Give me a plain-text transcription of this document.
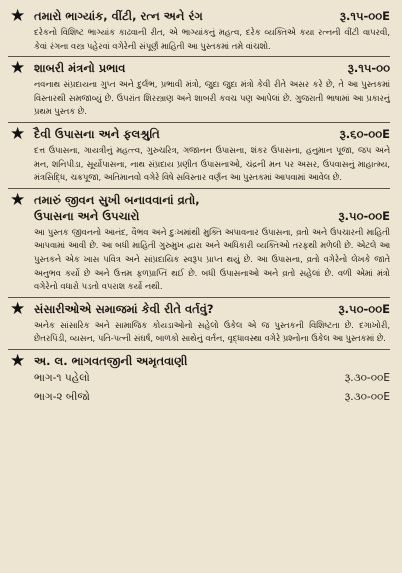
★ તમારો ભાગ્યાંક, વીંટી, રત્ન અને રંગ	રૂ.૧૫-૦૦E
દરેકનો વિશિષ્ટ ભાગ્યાંક કાઢવાની રીત, એ ભાગ્યાંકનું મહત્વ, દરેક વ્યક્તિએ કયા રત્નની વીંટી વાપરવી, કેવાં રંગના વસ્ત્ર પહેરવાં વગેરેની સંપૂર્ણ માહિતી આ પુસ્તકમાં તમે વાંચશો.
★ શાબરી મંત્રનો પ્રભાવ	રૂ.૧૫-૦૦
નવનાથ સંપ્રદાયના ગુપ્ત અને દુર્લભ, પ્રભાવી મંત્રો, જુદા જુદા મંત્રો કેવી રીતે અસર કરે છે, તે આ પુસ્તકમાં વિસ્તારથી સમજાવ્યું છે. ઉપરાંત શિરસ્ત્રાણ અને શાબરી કવચ પણ આપેલાં છે. ગુજરાતી ભાષામાં આ પ્રકારનું પ્રથમ પુસ્તક છે.
★ દૈવી ઉપાસના અને ફલશ્રુતિ	રૂ.૬૦-૦૦E
દત્ત ઉપાસના, ગાયત્રીનું મહત્ત્વ, ગુરુચરિત્ર, ગજાનન ઉપાસના, શંકર ઉપાસના, હનુમાન પૂજા, જપ અને મન, શનિપીડા, સૂર્યોપાસના, નાથ સંપ્રદાય પ્રણીત ઉપાસનાઓ, ચંદ્રની મન પર અસર, ઉપવાસનું માહાત્મ્ય, મંત્રસિદ્ધિ, ચક્રપૂજા, અતિમાનવો વગેરે વિષે સવિસ્તાર વર્ણન આ પુસ્તકમાં આપવામાં આવેલ છે.
★ તમારું જીવન સુખી બનાવવાનાં વ્રતો,
ઉપાસના અને ઉપચારો	રૂ.૫૦-૦૦E
આ પુસ્તક જીવનનો આનંદ, વૈભવ અને દુઃખમાંથી મુક્તિ અપાવનાર ઉપાસના, વ્રતો અને ઉપચારની માહિતી આપવામાં આવી છે. આ બધી માહિતી ગુરુમુખ દ્વારા અને અધિકારી વ્યક્તિઓ તરફથી મળેલી છે. એટલે આ પુસ્તકને એક ખાસ પવિત્ર અને સાંપ્રદાયિક સ્વરૂપ પ્રાપ્ત થયું છે. આ ઉપાસના, વ્રતો વગેરેનો લેખકે જાતે અનુભવ કર્યો છે અને ઉત્તમ ફળપ્રાપ્તિ થઈ છે. બધી ઉપાસનાઓ અને વ્રતો સહેલાં છે. વળી એમાં મંત્રો વગેરેનો વધારો પડતો વપરાશ કર્યો નથી.
★ સંસારીઓએ સમાજમાં કેવી રીતે વર્તવું?	રૂ.૫૦-૦૦E
અનેક સાંસારિક અને સામાજિક કોયડાઓનો સહેલો ઉકેલ એ જ પુસ્તકની વિશિષ્ટતા છે. દગાખોરી, છેતરપિંડી, વ્યસન, પતિ-પત્ની સંઘર્ષ, બાળકો સાથેનું વર્તન, વૃદ્ધાવસ્થા વગેરે પ્રશ્નોના ઉકેલ આ પુસ્તકમાં છે.
★ અ. લ. ભાગવતજીની અમૃતવાણી
ભાગ-૧ પહેલો	રૂ.૩૦-૦૦E
ભાગ-૨ બીજો	રૂ.૩૦-૦૦E
